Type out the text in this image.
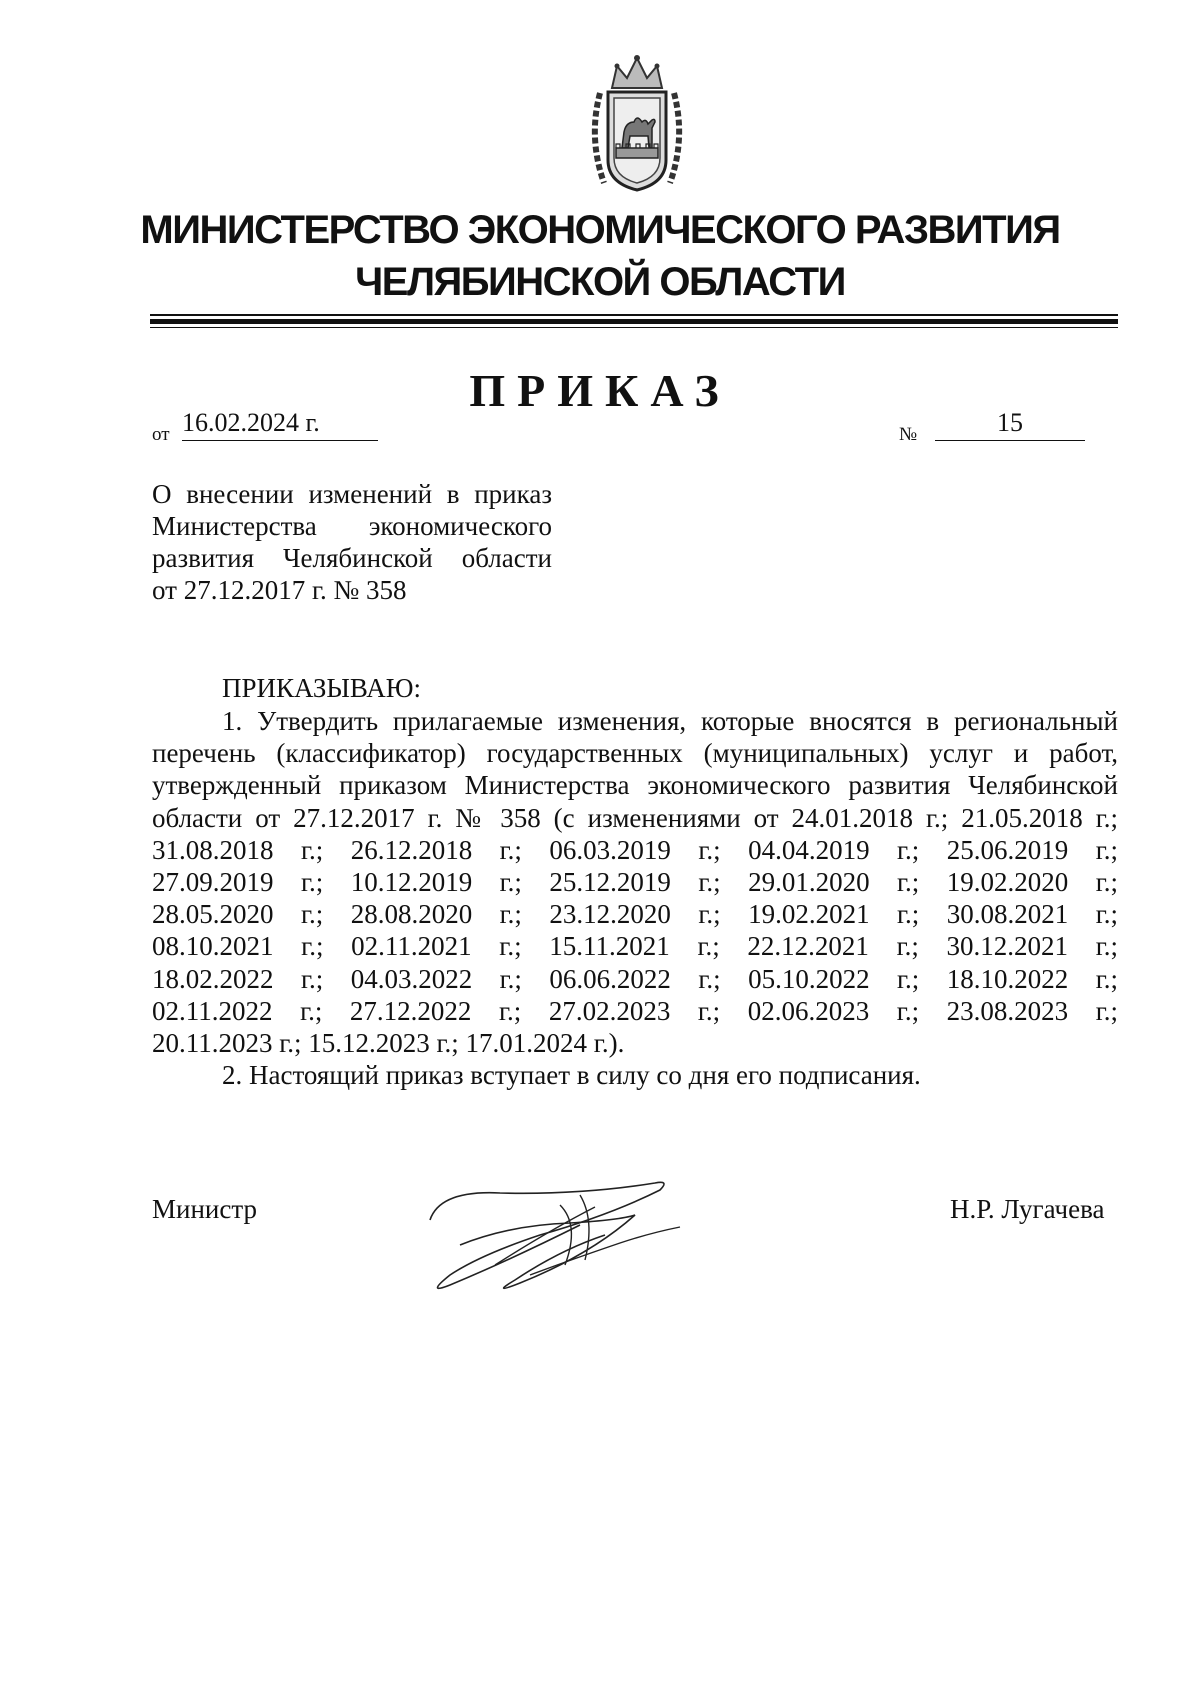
МИНИСТЕРСТВО ЭКОНОМИЧЕСКОГО РАЗВИТИЯ
ЧЕЛЯБИНСКОЙ ОБЛАСТИ
ПРИКАЗ
от 16.02.2024 г.	№	15
О внесении изменений в приказ
Министерства экономического
развития Челябинской области
от 27.12.2017 г. № 358
ПРИКАЗЫВАЮ:
1. Утвердить прилагаемые изменения, которые вносятся в региональный
перечень (классификатор) государственных (муниципальных) услуг и работ,
утвержденный приказом Министерства экономического развития Челябинской
области от 27.12.2017 г. № 358 (с изменениями от 24.01.2018 г.; 21.05.2018 г.;
31.08.2018 г.; 26.12.2018 г.; 06.03.2019 г.; 04.04.2019 г.; 25.06.2019 г.;
27.09.2019 г.; 10.12.2019 г.; 25.12.2019 г.; 29.01.2020 г.; 19.02.2020 г.;
28.05.2020 г.; 28.08.2020 г.; 23.12.2020 г.; 19.02.2021 г.; 30.08.2021 г.;
08.10.2021 г.; 02.11.2021 г.; 15.11.2021 г.; 22.12.2021 г.; 30.12.2021 г.;
18.02.2022 г.; 04.03.2022 г.; 06.06.2022 г.; 05.10.2022 г.; 18.10.2022 г.;
02.11.2022 г.; 27.12.2022 г.; 27.02.2023 г.; 02.06.2023 г.; 23.08.2023 г.;
20.11.2023 г.; 15.12.2023 г.; 17.01.2024 г.).
2. Настоящий приказ вступает в силу со дня его подписания.
Министр	Н.Р. Лугачева
